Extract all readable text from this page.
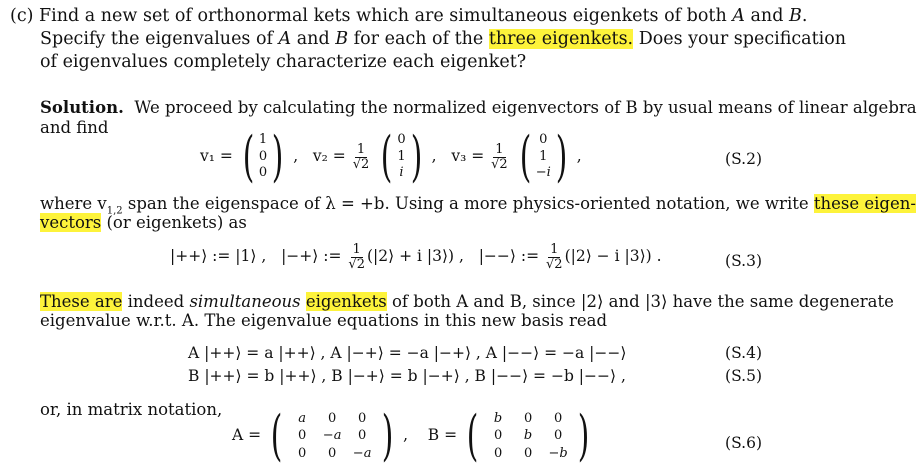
(c) Find a new set of orthonormal kets which are simultaneous eigenkets of both A and B.
Specify the eigenvalues of A and B for each of the three eigenkets. Does your specification
of eigenvalues completely characterize each eigenket?
Solution. We proceed by calculating the normalized eigenvectors of B by usual means of linear algebra
and find
v₁ = ( 1
0
0 ) ,   $v_2 = \frac{1}{√2}$ ( 0
1
i ) ,   $v_3 = \frac{1}{√2}$ ( 0
1
−i ) ,	(S.2)
where $v_{1,2}$ span the eigenspace of λ = +b. Using a more physics-oriented notation, we write these eigen-
vectors (or eigenkets) as
|++⟩ := |1⟩ , |−+⟩ := $\frac{1}{√2}$ (|2⟩ + i |3⟩) , |−−⟩ := $\frac{1}{√2}$ (|2⟩ − i |3⟩) .	(S.3)
These are indeed simultaneous eigenkets of both A and B, since |2⟩ and |3⟩ have the same degenerate
eigenvalue w.r.t. A. The eigenvalue equations in this new basis read
A |++⟩ = a |++⟩ , A |−+⟩ = −a |−+⟩ , A |−−⟩ = −a |−−⟩	(S.4)
B |++⟩ = b |++⟩ , B |−+⟩ = b |−+⟩ , B |−−⟩ = −b |−−⟩ ,	(S.5)
or, in matrix notation,
A = (	a	0	0
0	−a	0
0	0	−a ) ,    B = (	b	0	0
0	b	0
0	0	−b )	(S.6)
